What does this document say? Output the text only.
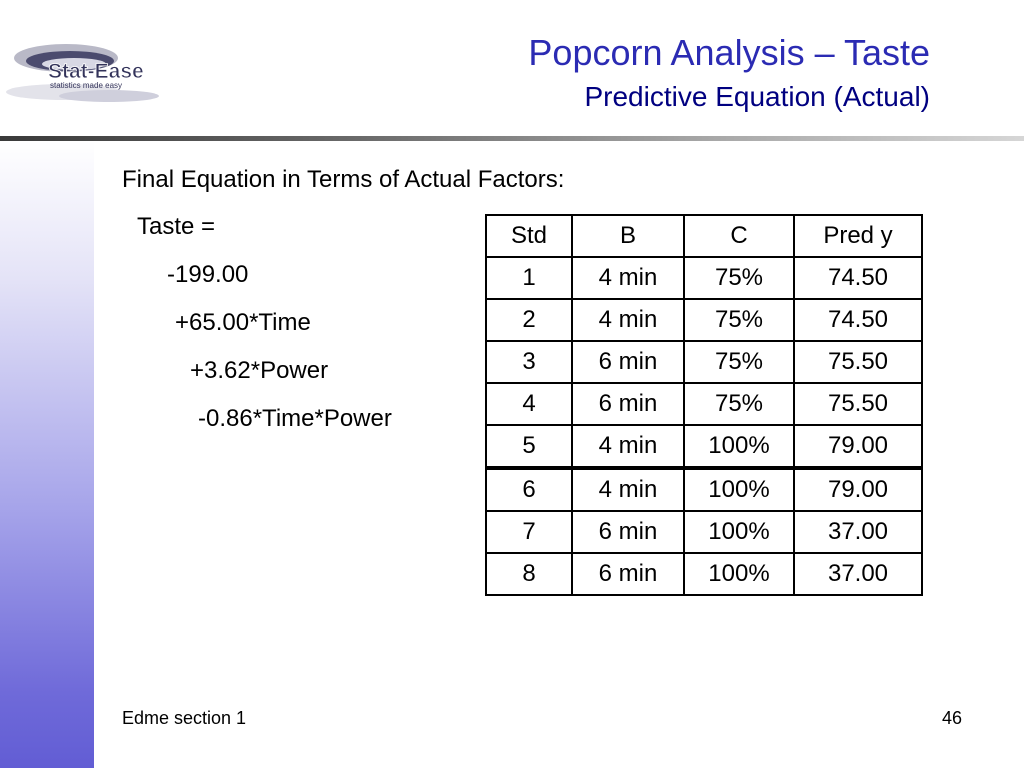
Stat-Ease
statistics made easy
Popcorn Analysis – Taste
Predictive Equation (Actual)
Final Equation in Terms of Actual Factors:
Taste =
-199.00
+65.00*Time
+3.62*Power
-0.86*Time*Power
Std	B	C	Pred y
1	4 min	75%	74.50
2	4 min	75%	74.50
3	6 min	75%	75.50
4	6 min	75%	75.50
5	4 min	100%	79.00
6	4 min	100%	79.00
7	6 min	100%	37.00
8	6 min	100%	37.00
Edme section 1	46
